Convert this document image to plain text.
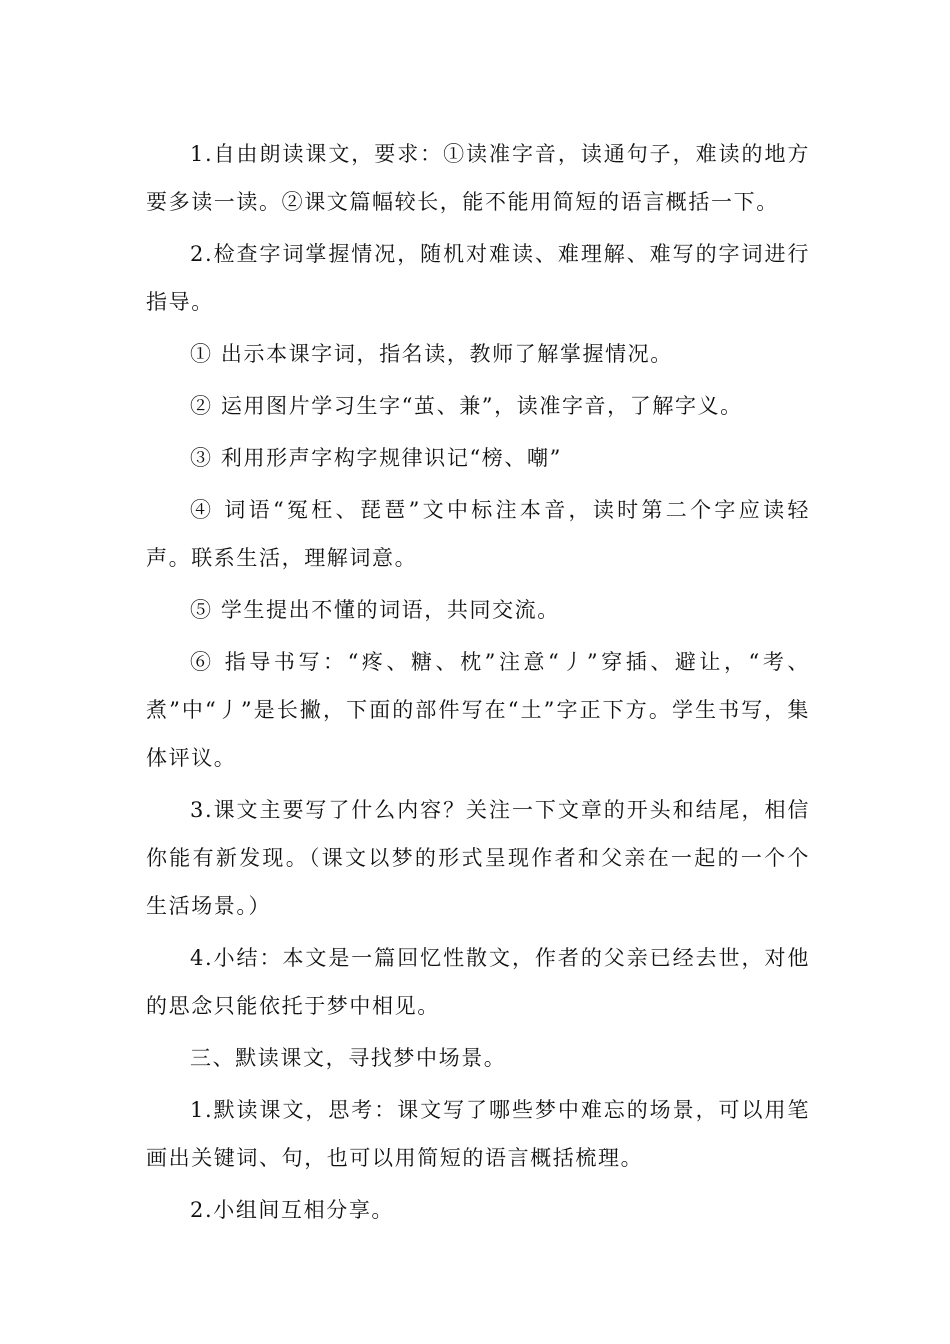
1.自由朗读课文，要求：①读准字音，读通句子，难读的地方要多读一读。②课文篇幅较长，能不能用简短的语言概括一下。

2.检查字词掌握情况，随机对难读、难理解、难写的字词进行指导。

① 出示本课字词，指名读，教师了解掌握情况。

② 运用图片学习生字“茧、兼”，读准字音，了解字义。

③ 利用形声字构字规律识记“榜、嘲”

④ 词语“冤枉、琵琶”文中标注本音，读时第二个字应读轻声。联系生活，理解词意。

⑤ 学生提出不懂的词语，共同交流。

⑥ 指导书写：“疼、糖、枕”注意“丿”穿插、避让，“考、煮”中“丿”是长撇，下面的部件写在“土”字正下方。学生书写，集体评议。

3.课文主要写了什么内容？关注一下文章的开头和结尾，相信你能有新发现。（课文以梦的形式呈现作者和父亲在一起的一个个生活场景。）

4.小结：本文是一篇回忆性散文，作者的父亲已经去世，对他的思念只能依托于梦中相见。

三、默读课文，寻找梦中场景。

1.默读课文，思考：课文写了哪些梦中难忘的场景，可以用笔画出关键词、句，也可以用简短的语言概括梳理。

2.小组间互相分享。
